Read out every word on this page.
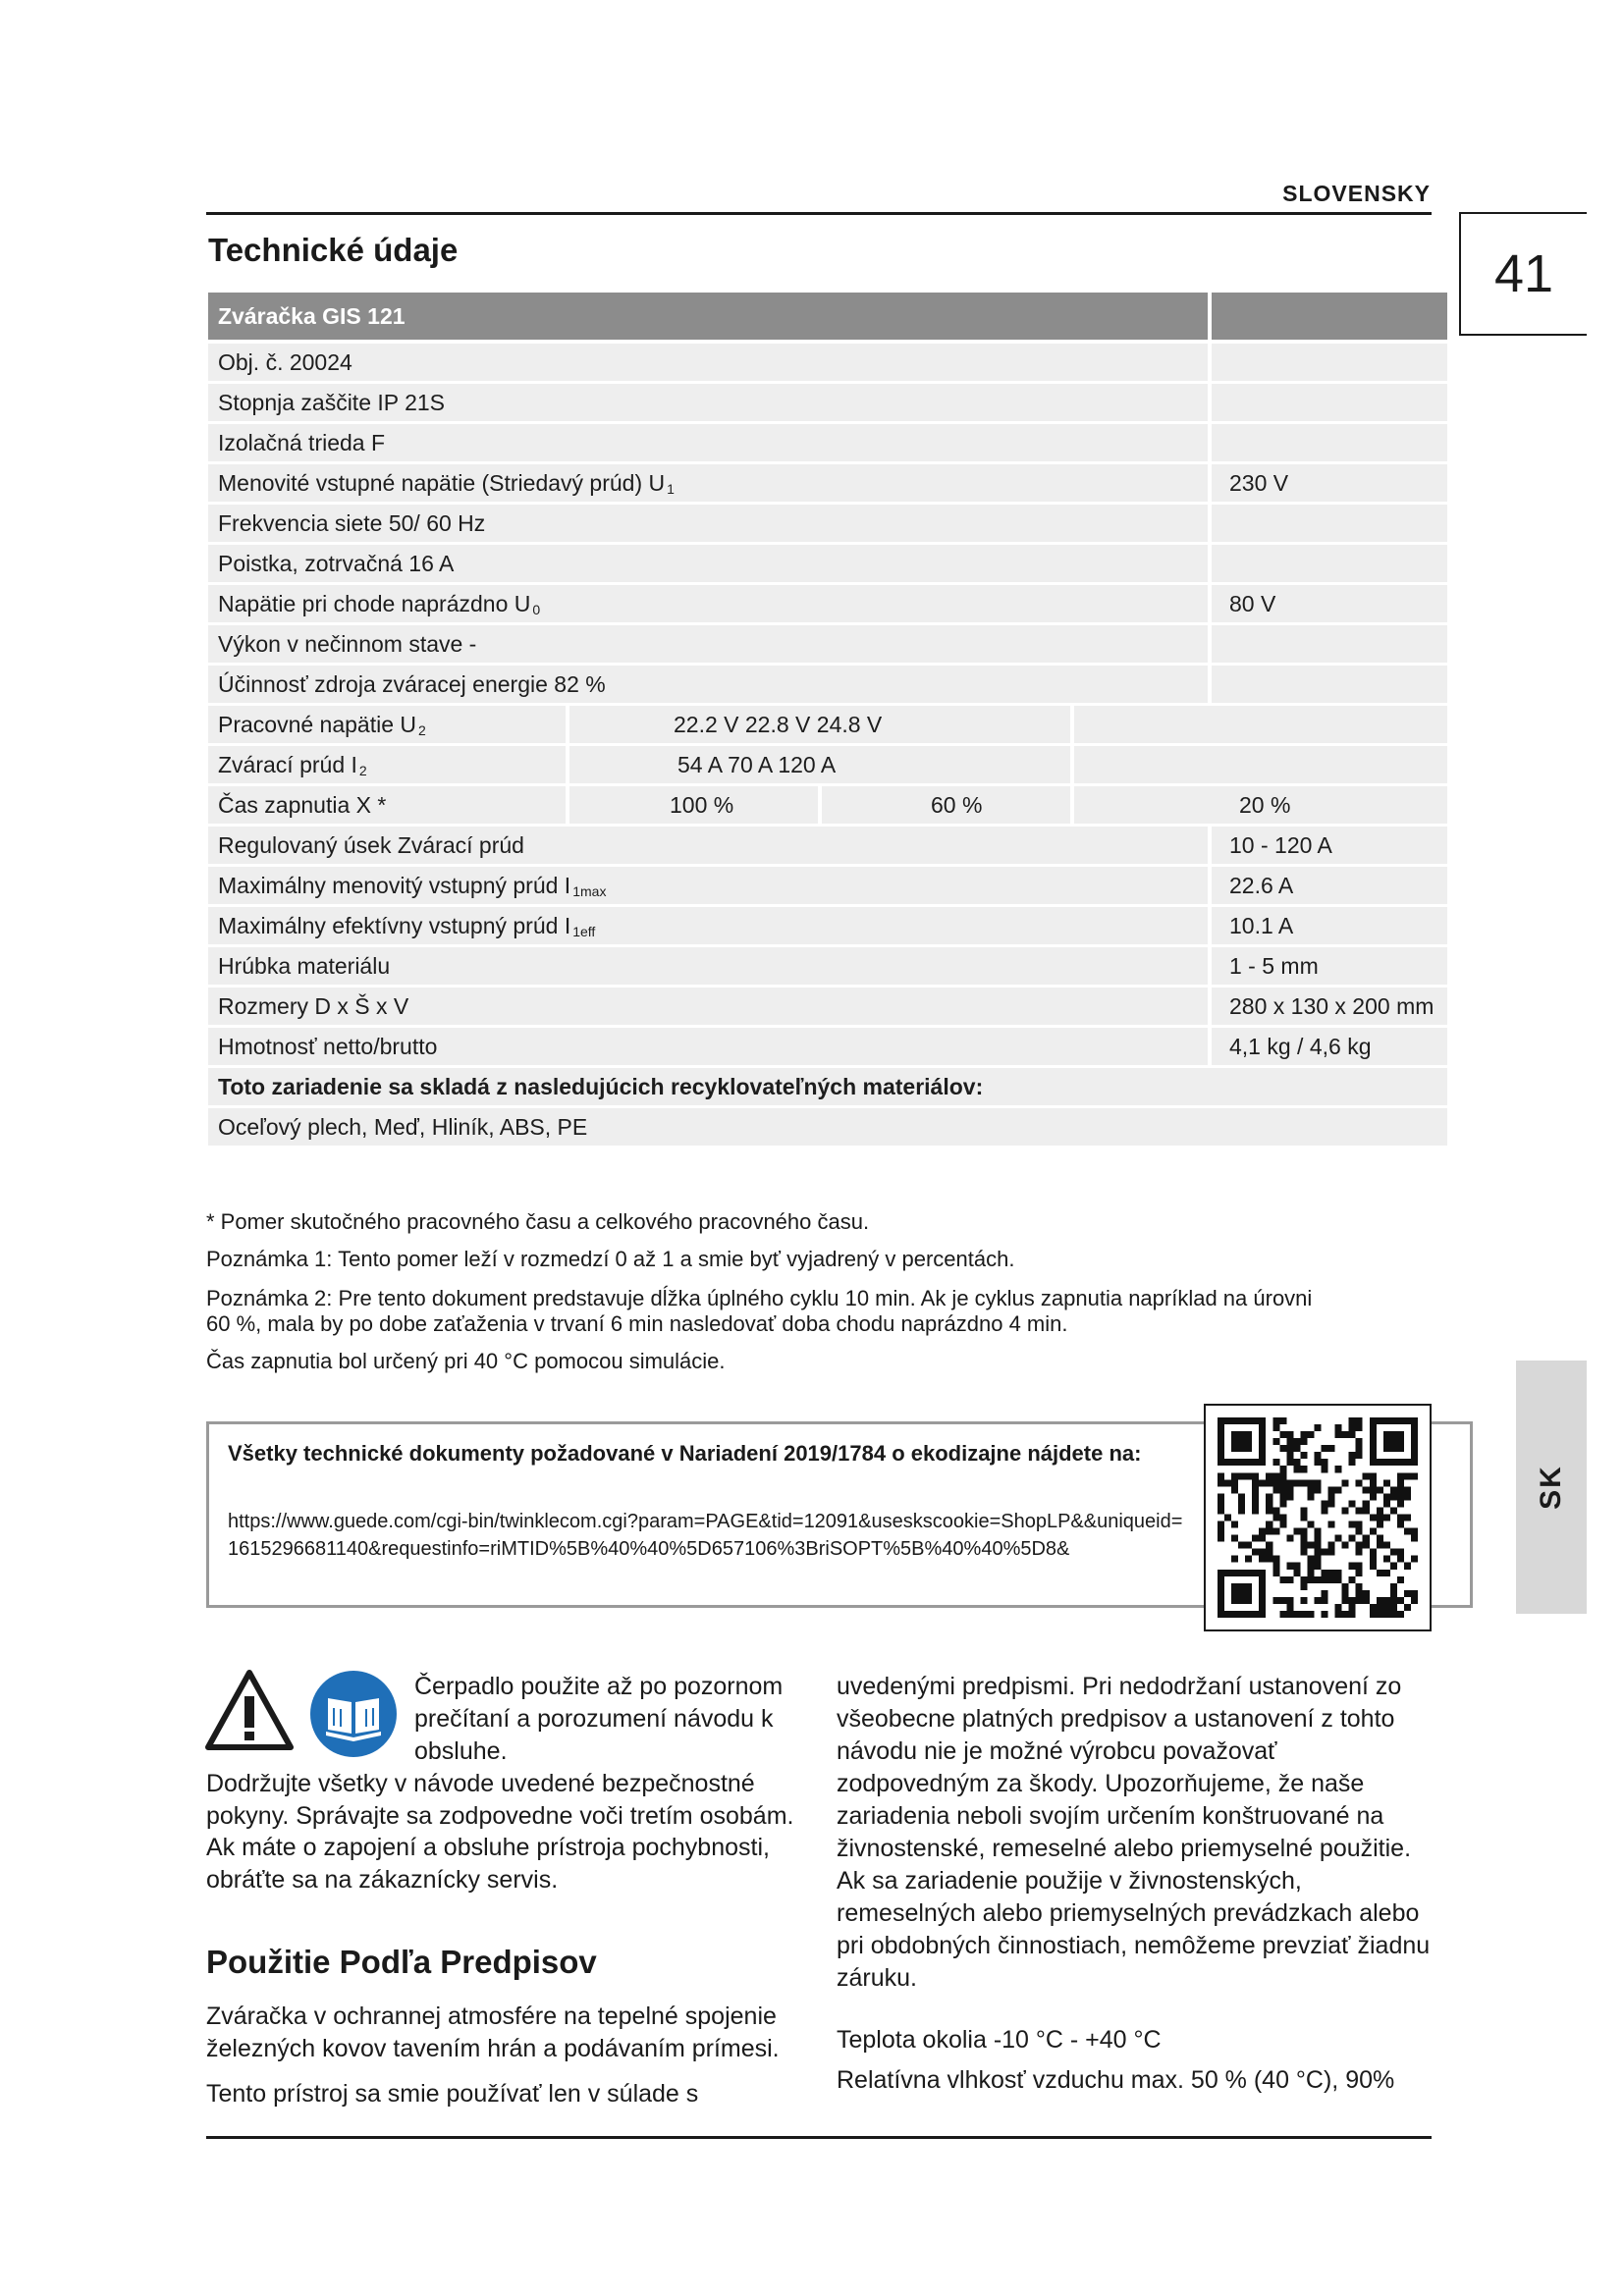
SLOVENSKY
41
SK
Technické údaje
Zváračka GIS 121
Obj. č. 20024
Stopnja zaščite IP 21S
Izolačná trieda F
Menovité vstupné napätie (Striedavý prúd) $U_1$	230 V
Frekvencia siete 50/ 60 Hz
Poistka, zotrvačná 16 A
Napätie pri chode naprázdno $U_0$	80 V
Výkon v nečinnom stave -
Účinnosť zdroja zváracej energie 82 %
Pracovné napätie $U_2$	22.2 V 22.8 V 24.8 V
Zvárací prúd $I_2$	54 A 70 A 120 A
Čas zapnutia X *	100 %	60 %	20 %
Regulovaný úsek Zvárací prúd	10 - 120 A
Maximálny menovitý vstupný prúd $I_{1max}$	22.6 A
Maximálny efektívny vstupný prúd $I_{1eff}$	10.1 A
Hrúbka materiálu	1 - 5 mm
Rozmery D x Š x V	280 x 130 x 200 mm
Hmotnosť netto/brutto	4,1 kg / 4,6 kg
Toto zariadenie sa skladá z nasledujúcich recyklovateľných materiálov:
Oceľový plech, Meď, Hliník, ABS, PE
* Pomer skutočného pracovného času a celkového pracovného času.
Poznámka 1: Tento pomer leží v rozmedzí 0 až 1 a smie byť vyjadrený v percentách.
Poznámka 2: Pre tento dokument predstavuje dĺžka úplného cyklu 10 min. Ak je cyklus zapnutia napríklad na úrovni
60 %, mala by po dobe zaťaženia v trvaní 6 min nasledovať doba chodu naprázdno 4 min.
Čas zapnutia bol určený pri 40 °C pomocou simulácie.
Všetky technické dokumenty požadované v Nariadení 2019/1784 o ekodizajne nájdete na:
https://www.guede.com/cgi-bin/twinklecom.cgi?param=PAGE&tid=12091&useskscookie=ShopLP&&uniqueid=1615296681140&requestinfo=riMTID%5B%40%40%5D657106%3BriSOPT%5B%40%40%5D8&
Čerpadlo použite až po pozornom prečítaní a porozumení návodu k obsluhe.
Dodržujte všetky v návode uvedené bezpečnostné pokyny. Správajte sa zodpovedne voči tretím osobám.
Ak máte o zapojení a obsluhe prístroja pochybnosti, obráťte sa na zákaznícky servis.
Použitie Podľa Predpisov
Zváračka v ochrannej atmosfére na tepelné spojenie železných kovov tavením hrán a podávaním prímesi.
Tento prístroj sa smie používať len v súlade s
uvedenými predpismi. Pri nedodržaní ustanovení zo všeobecne platných predpisov a ustanovení z tohto návodu nie je možné výrobcu považovať zodpovedným za škody. Upozorňujeme, že naše zariadenia neboli svojím určením konštruované na živnostenské, remeselné alebo priemyselné použitie. Ak sa zariadenie použije v živnostenských, remeselných alebo priemyselných prevádzkach alebo pri obdobných činnostiach, nemôžeme prevziať žiadnu záruku.
Teplota okolia -10 °C - +40 °C
Relatívna vlhkosť vzduchu max. 50 % (40 °C), 90%
